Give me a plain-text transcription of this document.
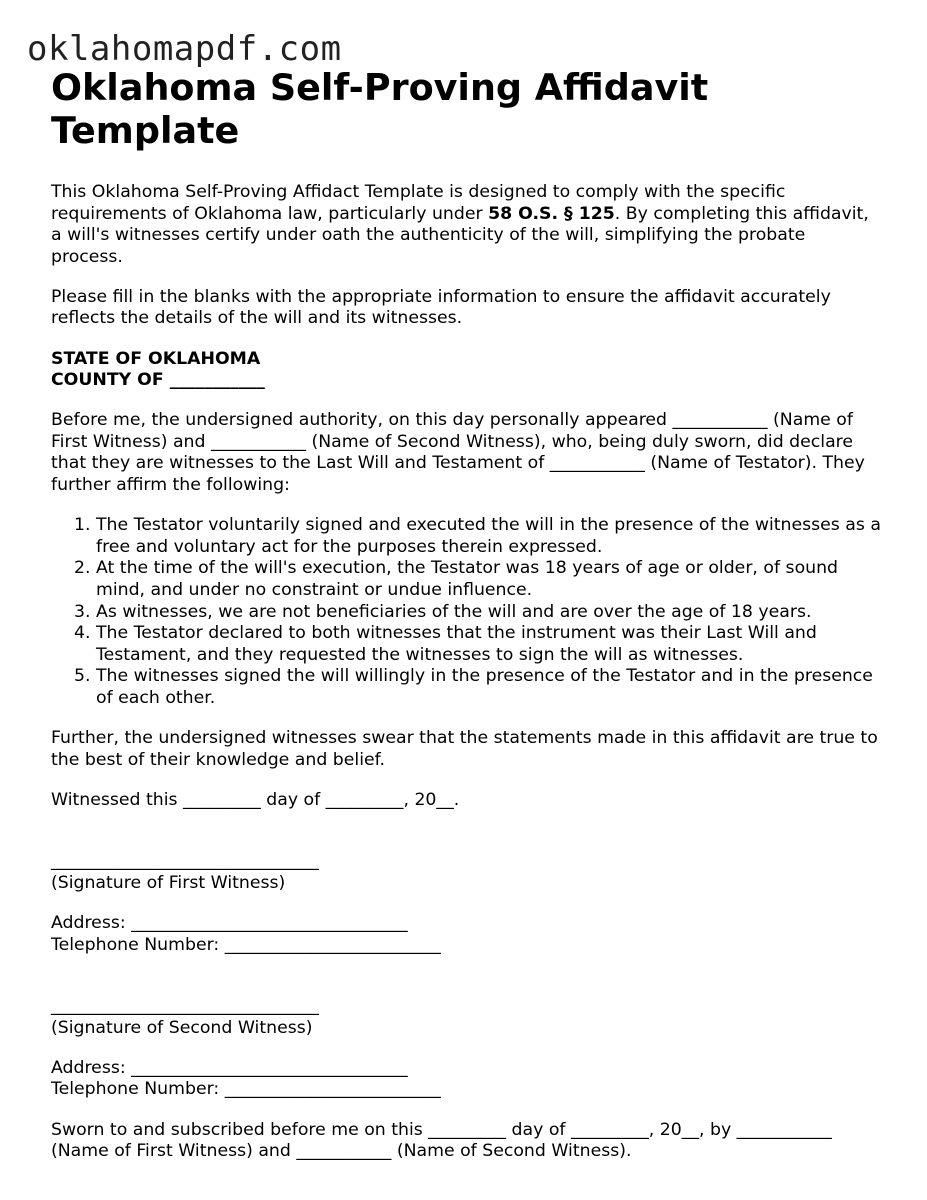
oklahomapdf.com
Oklahoma Self-Proving Affidavit Template

This Oklahoma Self-Proving Affidact Template is designed to comply with the specific requirements of Oklahoma law, particularly under 58 O.S. § 125. By completing this affidavit, a will's witnesses certify under oath the authenticity of the will, simplifying the probate process.

Please fill in the blanks with the appropriate information to ensure the affidavit accurately reflects the details of the will and its witnesses.

STATE OF OKLAHOMA
COUNTY OF ___________

Before me, the undersigned authority, on this day personally appeared ___________ (Name of First Witness) and ___________ (Name of Second Witness), who, being duly sworn, did declare that they are witnesses to the Last Will and Testament of ___________ (Name of Testator). They further affirm the following:

1. The Testator voluntarily signed and executed the will in the presence of the witnesses as a free and voluntary act for the purposes therein expressed.
2. At the time of the will's execution, the Testator was 18 years of age or older, of sound mind, and under no constraint or undue influence.
3. As witnesses, we are not beneficiaries of the will and are over the age of 18 years.
4. The Testator declared to both witnesses that the instrument was their Last Will and Testament, and they requested the witnesses to sign the will as witnesses.
5. The witnesses signed the will willingly in the presence of the Testator and in the presence of each other.

Further, the undersigned witnesses swear that the statements made in this affidavit are true to the best of their knowledge and belief.

Witnessed this _________ day of _________, 20__.

_______________________________
(Signature of First Witness)
Address: ________________________________
Telephone Number: _________________________
_______________________________
(Signature of Second Witness)
Address: ________________________________
Telephone Number: _________________________

Sworn to and subscribed before me on this _________ day of _________, 20__, by ___________ (Name of First Witness) and ___________ (Name of Second Witness).
